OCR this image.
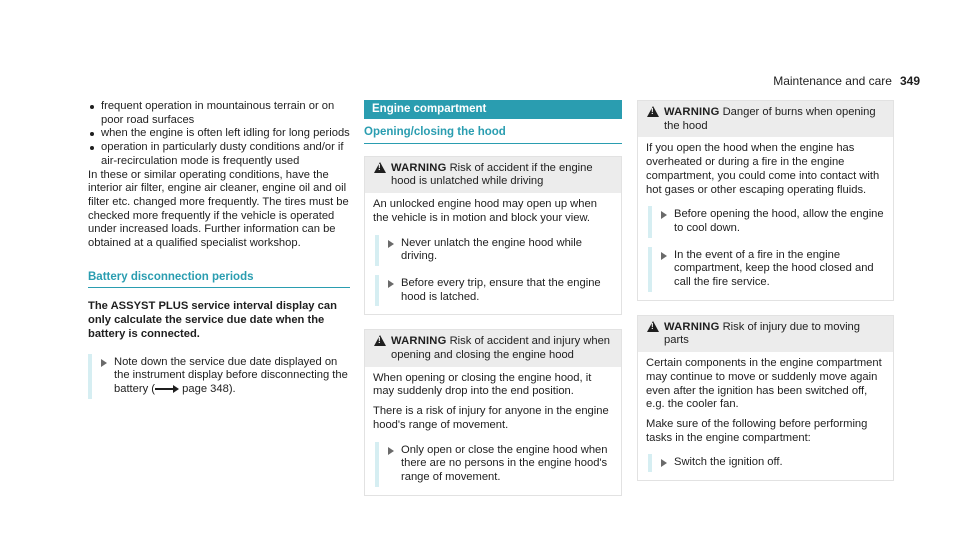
Maintenance and care 349
frequent operation in mountainous terrain or on poor road surfaces
when the engine is often left idling for long periods
operation in particularly dusty conditions and/or if air-recirculation mode is frequently used

In these or similar operating conditions, have the interior air filter, engine air cleaner, engine oil and oil filter etc. changed more frequently. The tires must be checked more frequently if the vehicle is operated under increased loads. Further information can be obtained at a qualified specialist workshop.

Battery disconnection periods

The ASSYST PLUS service interval display can only calculate the service due date when the battery is connected.

Note down the service due date displayed on the instrument display before disconnecting the battery ( page 348).
Engine compartment
Opening/closing the hood
!
WARNING Risk of accident if the engine hood is unlatched while driving

An unlocked engine hood may open up when the vehicle is in motion and block your view.

Never unlatch the engine hood while driving.
Before every trip, ensure that the engine hood is latched.
!
WARNING Risk of accident and injury when opening and closing the engine hood

When opening or closing the engine hood, it may suddenly drop into the end position.

There is a risk of injury for anyone in the engine hood's range of movement.

Only open or close the engine hood when there are no persons in the engine hood's range of movement.
!
WARNING Danger of burns when opening the hood

If you open the hood when the engine has overheated or during a fire in the engine compartment, you could come into contact with hot gases or other escaping operating fluids.

Before opening the hood, allow the engine to cool down.
In the event of a fire in the engine compartment, keep the hood closed and call the fire service.
!
WARNING Risk of injury due to moving parts

Certain components in the engine compartment may continue to move or suddenly move again even after the ignition has been switched off, e.g. the cooler fan.

Make sure of the following before performing tasks in the engine compartment:

Switch the ignition off.
